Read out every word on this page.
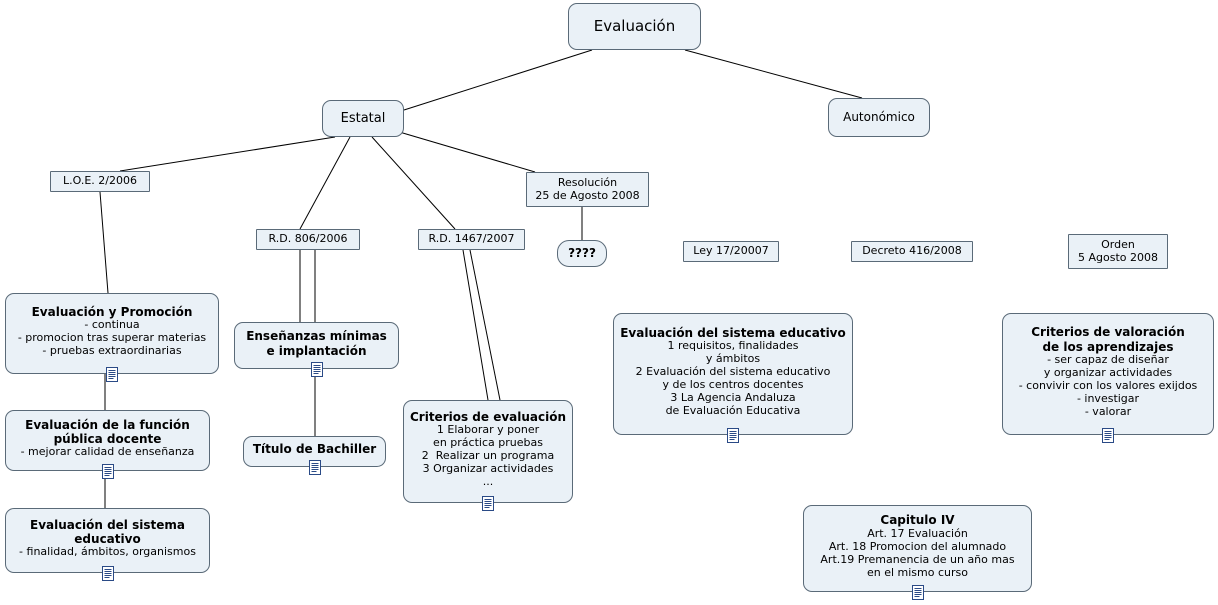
Evaluación
Estatal	Autonómico
L.O.E. 2/2006	Resolución
25 de Agosto 2008
R.D. 806/2006	R.D. 1467/2007
????	Ley 17/20007	Decreto 416/2008	Orden
5 Agosto 2008
Evaluación y Promoción
- continua
- promocion tras superar materias
- pruebas extraordinarias
Enseñanzas mínimas
e implantación
Evaluación del sistema educativo
1 requisitos, finalidades
y ámbitos
2 Evaluación del sistema educativo
y de los centros docentes
3 La Agencia Andaluza
de Evaluación Educativa
Criterios de valoración
de los aprendizajes
- ser capaz de diseñar
y organizar actividades
- convivir con los valores exijdos
- investigar
- valorar
Evaluación de la función
pública docente
- mejorar calidad de enseñanza
Criterios de evaluación
1 Elaborar y poner
en práctica pruebas
2  Realizar un programa
3 Organizar actividades
...
Título de Bachiller
Evaluación del sistema
educativo
- finalidad, ámbitos, organismos
Capitulo IV
Art. 17 Evaluación
Art. 18 Promocion del alumnado
Art.19 Premanencia de un año mas
en el mismo curso
